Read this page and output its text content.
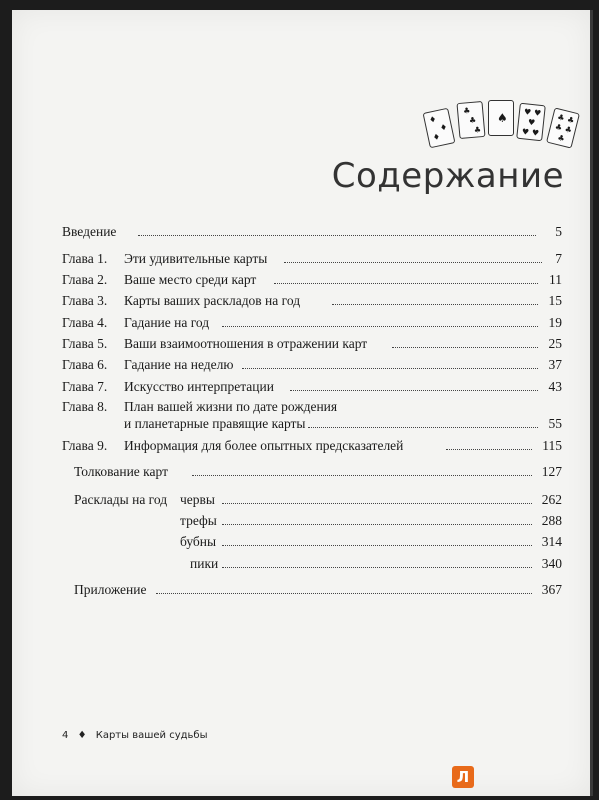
♦
♦
♦
♣
♣
♣
♠ ♥ ♥
♥
♥ ♥
♣ ♣
♣ ♣
♣
Содержание
Введение	5
Глава 1. Эти удивительные карты	7
Глава 2. Ваше место среди карт	11
Глава 3. Карты ваших раскладов на год	15
Глава 4. Гадание на год	19
Глава 5. Ваши взаимоотношения в отражении карт	25
Глава 6. Гадание на неделю	37
Глава 7. Искусство интерпретации	43
Глава 8. План вашей жизни по дате рождения
и планетарные правящие карты	55
Глава 9. Информация для более опытных предсказателей	115
Толкование карт	127
Расклады на год червы	262
трефы	288
бубны	314
пики	340
Приложение	367
4 ♦ Карты вашей судьбы
Л
